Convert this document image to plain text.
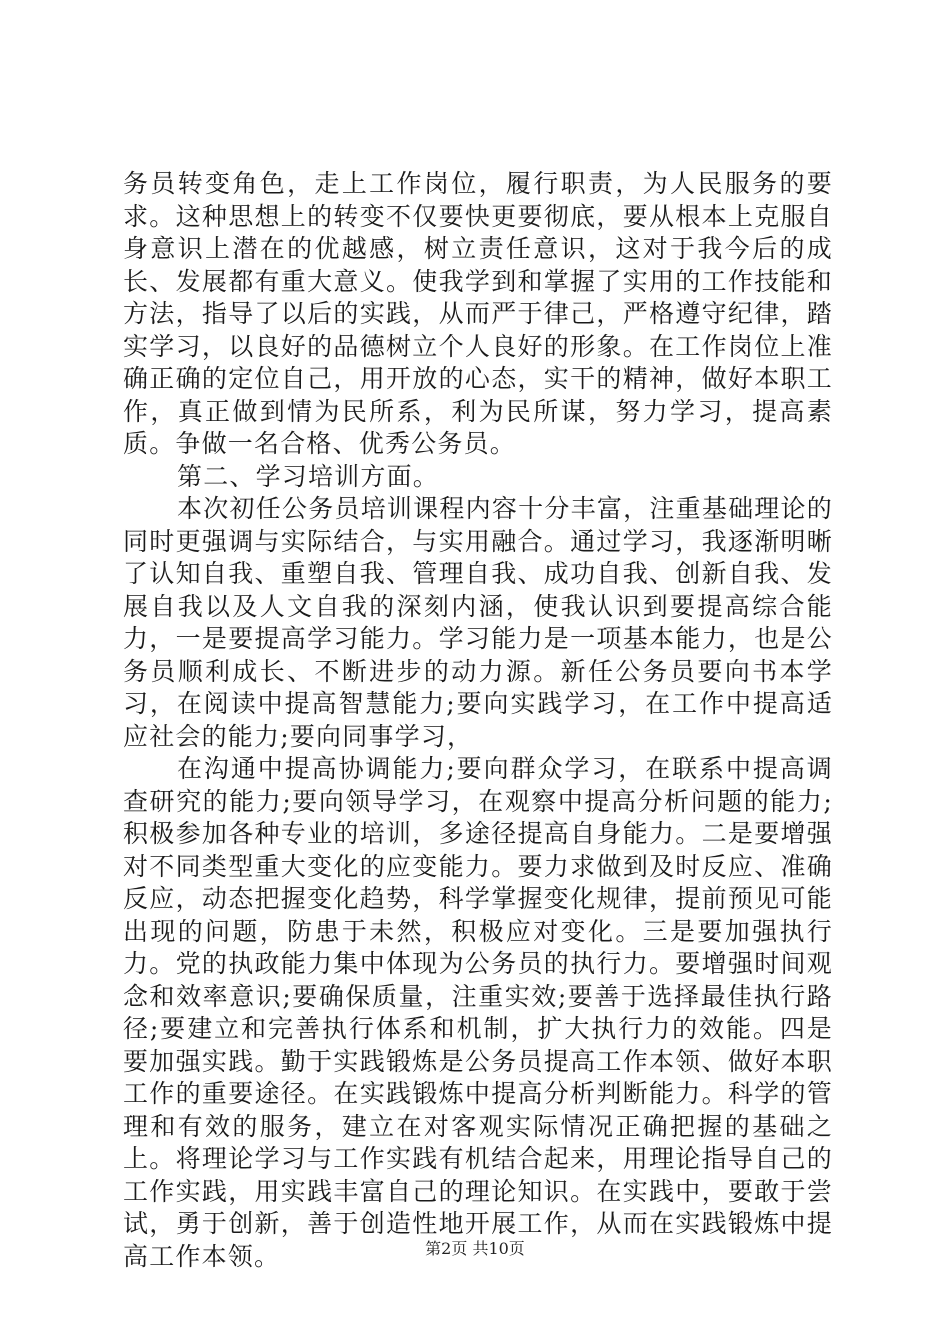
务员转变角色，走上工作岗位，履行职责，为人民服务的要求。这种思想上的转变不仅要快更要彻底，要从根本上克服自身意识上潜在的优越感，树立责任意识，这对于我今后的成长、发展都有重大意义。使我学到和掌握了实用的工作技能和方法，指导了以后的实践，从而严于律己，严格遵守纪律，踏实学习，以良好的品德树立个人良好的形象。在工作岗位上准确正确的定位自己，用开放的心态，实干的精神，做好本职工作，真正做到情为民所系，利为民所谋，努力学习，提高素质。争做一名合格、优秀公务员。

第二、学习培训方面。

本次初任公务员培训课程内容十分丰富，注重基础理论的同时更强调与实际结合，与实用融合。通过学习，我逐渐明晰了认知自我、重塑自我、管理自我、成功自我、创新自我、发展自我以及人文自我的深刻内涵，使我认识到要提高综合能力，一是要提高学习能力。学习能力是一项基本能力，也是公务员顺利成长、不断进步的动力源。新任公务员要向书本学习，在阅读中提高智慧能力;要向实践学习，在工作中提高适应社会的能力;要向同事学习，

在沟通中提高协调能力;要向群众学习，在联系中提高调查研究的能力;要向领导学习，在观察中提高分析问题的能力;积极参加各种专业的培训，多途径提高自身能力。二是要增强对不同类型重大变化的应变能力。要力求做到及时反应、准确反应，动态把握变化趋势，科学掌握变化规律，提前预见可能出现的问题，防患于未然，积极应对变化。三是要加强执行力。党的执政能力集中体现为公务员的执行力。要增强时间观念和效率意识;要确保质量，注重实效;要善于选择最佳执行路径;要建立和完善执行体系和机制，扩大执行力的效能。四是要加强实践。勤于实践锻炼是公务员提高工作本领、做好本职工作的重要途径。在实践锻炼中提高分析判断能力。科学的管理和有效的服务，建立在对客观实际情况正确把握的基础之上。将理论学习与工作实践有机结合起来，用理论指导自己的工作实践，用实践丰富自己的理论知识。在实践中，要敢于尝试，勇于创新，善于创造性地开展工作，从而在实践锻炼中提高工作本领。	第2页 共10页
